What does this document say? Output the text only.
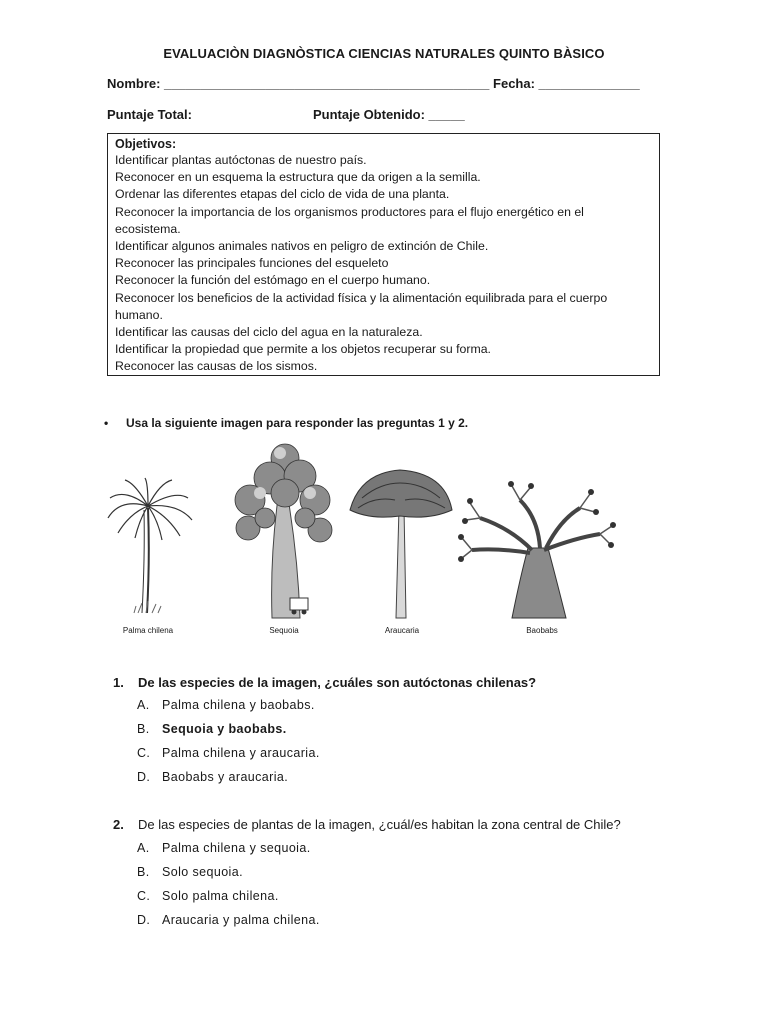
EVALUACIÒN DIAGNÒSTICA CIENCIAS NATURALES QUINTO BÀSICO
Nombre: _____________________________________________ Fecha: ______________
Puntaje Total:	Puntaje Obtenido: _____
Objetivos:
Identificar plantas autóctonas de nuestro país.
Reconocer en un esquema la estructura que da origen a la semilla.
Ordenar las diferentes etapas del ciclo de vida de una planta.
Reconocer la importancia de los organismos productores para el flujo energético en el
ecosistema.
Identificar algunos animales nativos en peligro de extinción de Chile.
Reconocer las principales funciones del esqueleto
Reconocer la función del estómago en el cuerpo humano.
Reconocer los beneficios de la actividad física y la alimentación equilibrada para el cuerpo
humano.
Identificar las causas del ciclo del agua en la naturaleza.
Identificar la propiedad que permite a los objetos recuperar su forma.
Reconocer las causas de los sismos.
• Usa la siguiente imagen para responder las preguntas 1 y 2.
Palma chilena	Sequoia	Araucaria	Baobabs
1. De las especies de la imagen, ¿cuáles son autóctonas chilenas?
A. Palma chilena y baobabs.
B. Sequoia y baobabs.
C. Palma chilena y araucaria.
D. Baobabs y araucaria.
2. De las especies de plantas de la imagen, ¿cuál/es habitan la zona central de Chile?
A. Palma chilena y sequoia.
B. Solo sequoia.
C. Solo palma chilena.
D. Araucaria y palma chilena.
